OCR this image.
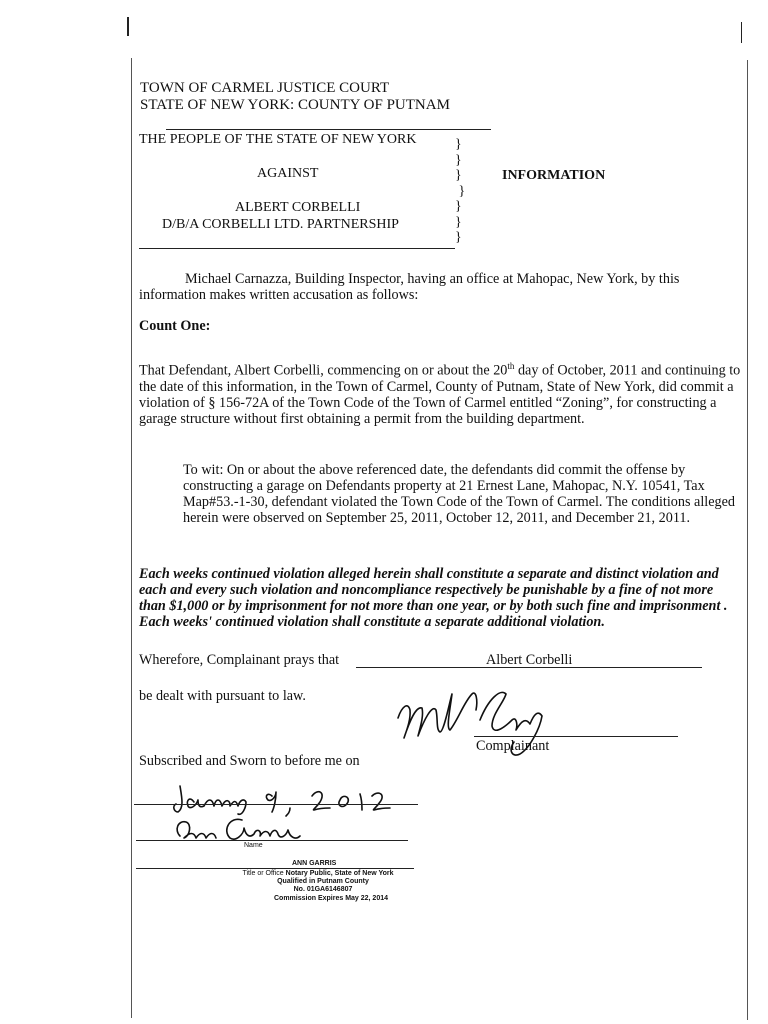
TOWN OF CARMEL JUSTICE COURT
STATE OF NEW YORK: COUNTY OF PUTNAM
THE PEOPLE OF THE STATE OF NEW YORK
AGAINST
ALBERT CORBELLI
D/B/A CORBELLI LTD. PARTNERSHIP
}
}
}
}
}
}
}
INFORMATION
Michael Carnazza, Building Inspector, having an office at Mahopac, New York, by this information makes written accusation as follows:
Count One:
That Defendant, Albert Corbelli, commencing on or about the 20th day of October, 2011 and continuing to the date of this information, in the Town of Carmel, County of Putnam, State of New York, did commit a violation of § 156-72A of the Town Code of the Town of Carmel entitled “Zoning”, for constructing a garage structure without first obtaining a permit from the building department.
To wit: On or about the above referenced date, the defendants did commit the offense by constructing a garage on Defendants property at 21 Ernest Lane, Mahopac, N.Y. 10541, Tax Map#53.-1-30, defendant violated the Town Code of the Town of Carmel. The conditions alleged herein were observed on September 25, 2011, October 12, 2011, and December 21, 2011.
Each weeks continued violation alleged herein shall constitute a separate and distinct violation and each and every such violation and noncompliance respectively be punishable by a fine of not more than $1,000 or by imprisonment for not more than one year, or by both such fine and imprisonment . Each weeks' continued violation shall constitute a separate additional violation.
Wherefore, Complainant prays that	Albert Corbelli
be dealt with pursuant to law.
Complainant
Subscribed and Sworn to before me on
Name
ANN GARRIS
Title or Office Notary Public, State of New York
Qualified in Putnam County
No. 01GA6146807
Commission Expires May 22, 2014
